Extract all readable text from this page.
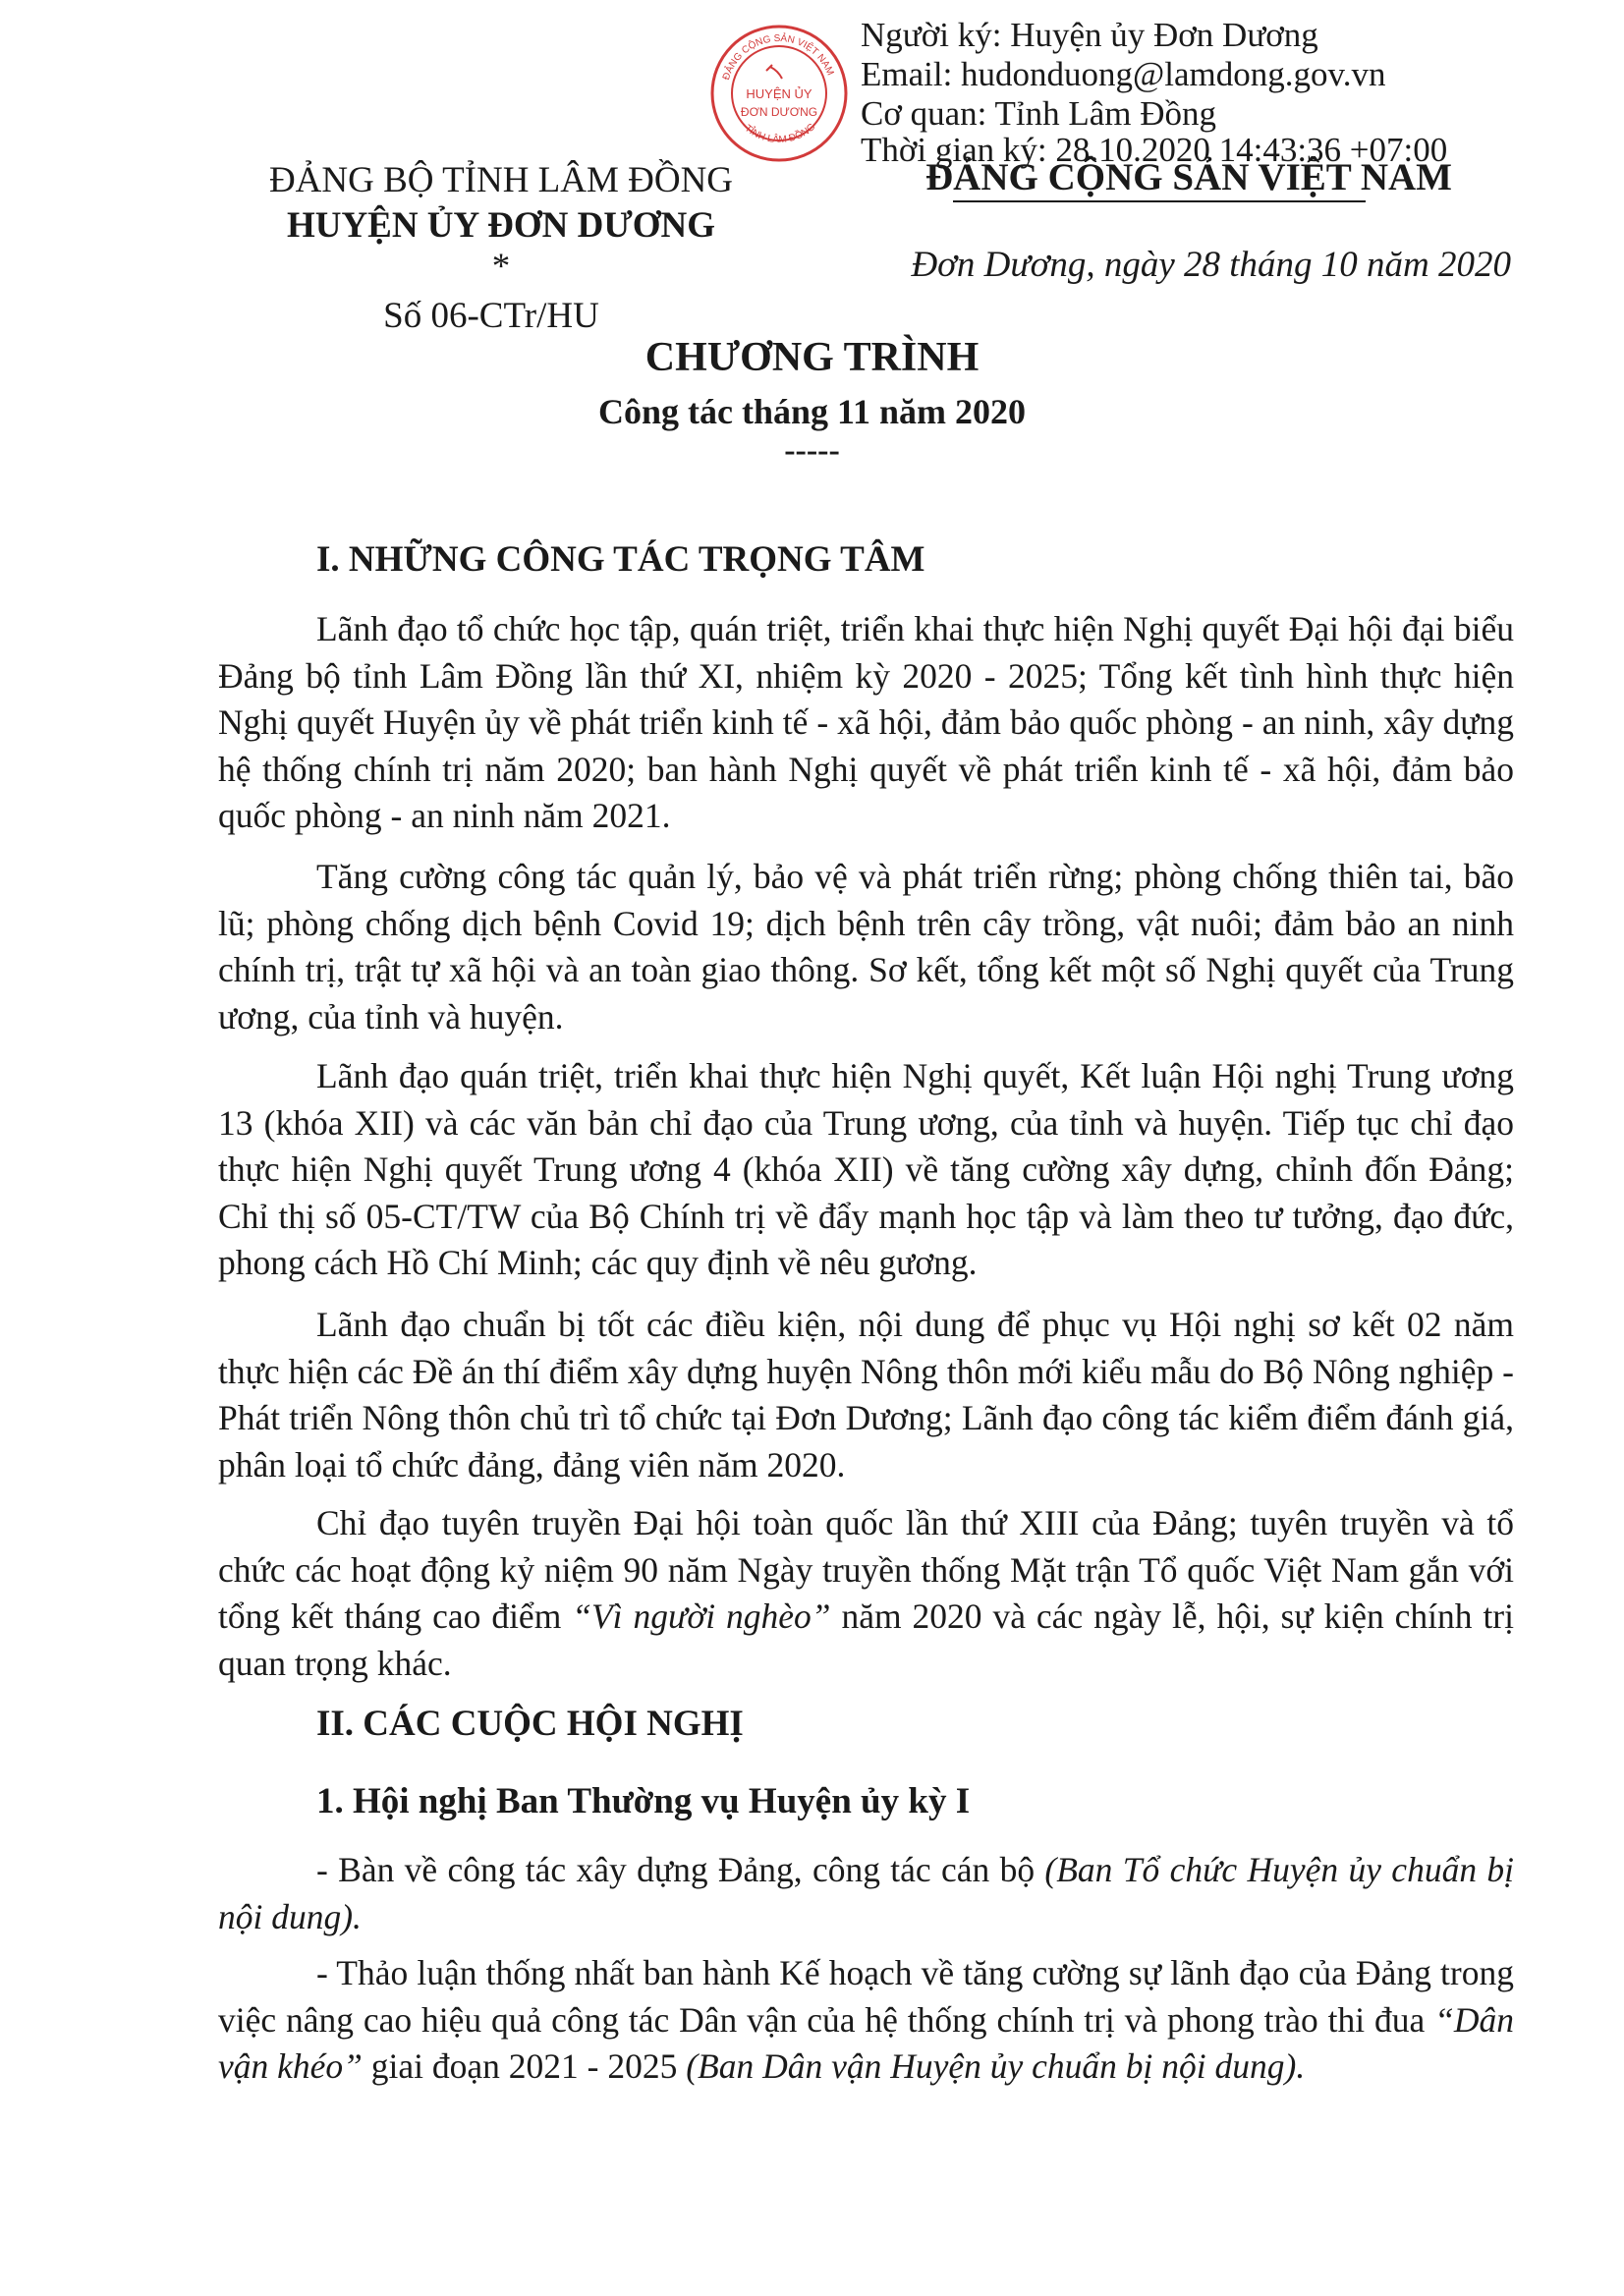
HUYỆN ỦY
ĐƠN DƯƠNG
ĐẢNG CỘNG SẢN VIỆT NAM
TỈNH LÂM ĐỒNG
Người ký: Huyện ủy Đơn Dương
Email: hudonduong@lamdong.gov.vn
Cơ quan: Tỉnh Lâm Đồng
Thời gian ký: 28.10.2020 14:43:36 +07:00
ĐẢNG BỘ TỈNH LÂM ĐỒNG
HUYỆN ỦY ĐƠN DƯƠNG
*
Số 06-CTr/HU
ĐẢNG CỘNG SẢN VIỆT NAM
Đơn Dương, ngày 28 tháng 10 năm 2020
CHƯƠNG TRÌNH
Công tác tháng 11 năm 2020
-----
I. NHỮNG CÔNG TÁC TRỌNG TÂM

Lãnh đạo tổ chức học tập, quán triệt, triển khai thực hiện Nghị quyết Đại hội đại biểu Đảng bộ tỉnh Lâm Đồng lần thứ XI, nhiệm kỳ 2020 - 2025; Tổng kết tình hình thực hiện Nghị quyết Huyện ủy về phát triển kinh tế - xã hội, đảm bảo quốc phòng - an ninh, xây dựng hệ thống chính trị năm 2020; ban hành Nghị quyết về phát triển kinh tế - xã hội, đảm bảo quốc phòng - an ninh năm 2021.

Tăng cường công tác quản lý, bảo vệ và phát triển rừng; phòng chống thiên tai, bão lũ; phòng chống dịch bệnh Covid 19; dịch bệnh trên cây trồng, vật nuôi; đảm bảo an ninh chính trị, trật tự xã hội và an toàn giao thông. Sơ kết, tổng kết một số Nghị quyết của Trung ương, của tỉnh và huyện.

Lãnh đạo quán triệt, triển khai thực hiện Nghị quyết, Kết luận Hội nghị Trung ương 13 (khóa XII) và các văn bản chỉ đạo của Trung ương, của tỉnh và huyện. Tiếp tục chỉ đạo thực hiện Nghị quyết Trung ương 4 (khóa XII) về tăng cường xây dựng, chỉnh đốn Đảng; Chỉ thị số 05-CT/TW của Bộ Chính trị về đẩy mạnh học tập và làm theo tư tưởng, đạo đức, phong cách Hồ Chí Minh; các quy định về nêu gương.

Lãnh đạo chuẩn bị tốt các điều kiện, nội dung để phục vụ Hội nghị sơ kết 02 năm thực hiện các Đề án thí điểm xây dựng huyện Nông thôn mới kiểu mẫu do Bộ Nông nghiệp - Phát triển Nông thôn chủ trì tổ chức tại Đơn Dương; Lãnh đạo công tác kiểm điểm đánh giá, phân loại tổ chức đảng, đảng viên năm 2020.

Chỉ đạo tuyên truyền Đại hội toàn quốc lần thứ XIII của Đảng; tuyên truyền và tổ chức các hoạt động kỷ niệm 90 năm Ngày truyền thống Mặt trận Tổ quốc Việt Nam gắn với tổng kết tháng cao điểm “Vì người nghèo” năm 2020 và các ngày lễ, hội, sự kiện chính trị quan trọng khác.

II. CÁC CUỘC HỘI NGHỊ
1. Hội nghị Ban Thường vụ Huyện ủy kỳ I

- Bàn về công tác xây dựng Đảng, công tác cán bộ (Ban Tổ chức Huyện ủy chuẩn bị nội dung).

- Thảo luận thống nhất ban hành Kế hoạch về tăng cường sự lãnh đạo của Đảng trong việc nâng cao hiệu quả công tác Dân vận của hệ thống chính trị và phong trào thi đua “Dân vận khéo” giai đoạn 2021 - 2025 (Ban Dân vận Huyện ủy chuẩn bị nội dung).
